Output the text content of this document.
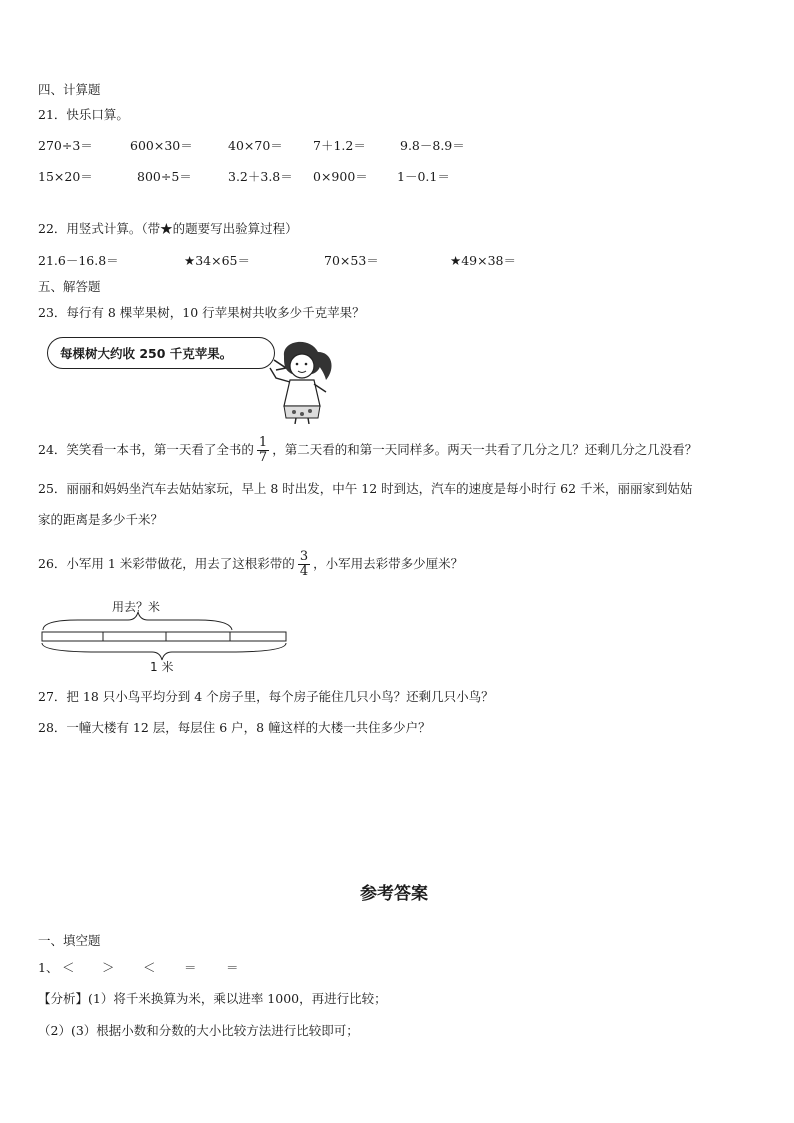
四、计算题
21．快乐口算。
270÷3＝	600×30＝	40×70＝ 7＋1.2＝	9.8－8.9＝
15×20＝	800÷5＝	3.2＋3.8＝ 0×900＝ 1－0.1＝
22．用竖式计算。（带★的题要写出验算过程）
21.6－16.8＝	★34×65＝	70×53＝	★49×38＝
五、解答题
23．每行有 8 棵苹果树，10 行苹果树共收多少千克苹果？
每棵树大约收 250 千克苹果。
24．笑笑看一本书，第一天看了全书的 $\frac{1}{7}$ ，第二天看的和第一天同样多。两天一共看了几分之几？还剩几分之几没看？
25．丽丽和妈妈坐汽车去姑姑家玩，早上 8 时出发，中午 12 时到达，汽车的速度是每小时行 62 千米，丽丽家到姑姑
家的距离是多少千米？
26．小军用 1 米彩带做花，用去了这根彩带的 $\frac{3}{4}$ ，小军用去彩带多少厘米？
用去？米
1 米
27．把 18 只小鸟平均分到 4 个房子里，每个房子能住几只小鸟？还剩几只小鸟？
28．一幢大楼有 12 层，每层住 6 户，8 幢这样的大楼一共住多少户？
参考答案
一、填空题
1、 ＜ ＞ ＜ ＝ ＝
【分析】(1）将千米换算为米，乘以进率 1000，再进行比较；
（2）(3）根据小数和分数的大小比较方法进行比较即可；
